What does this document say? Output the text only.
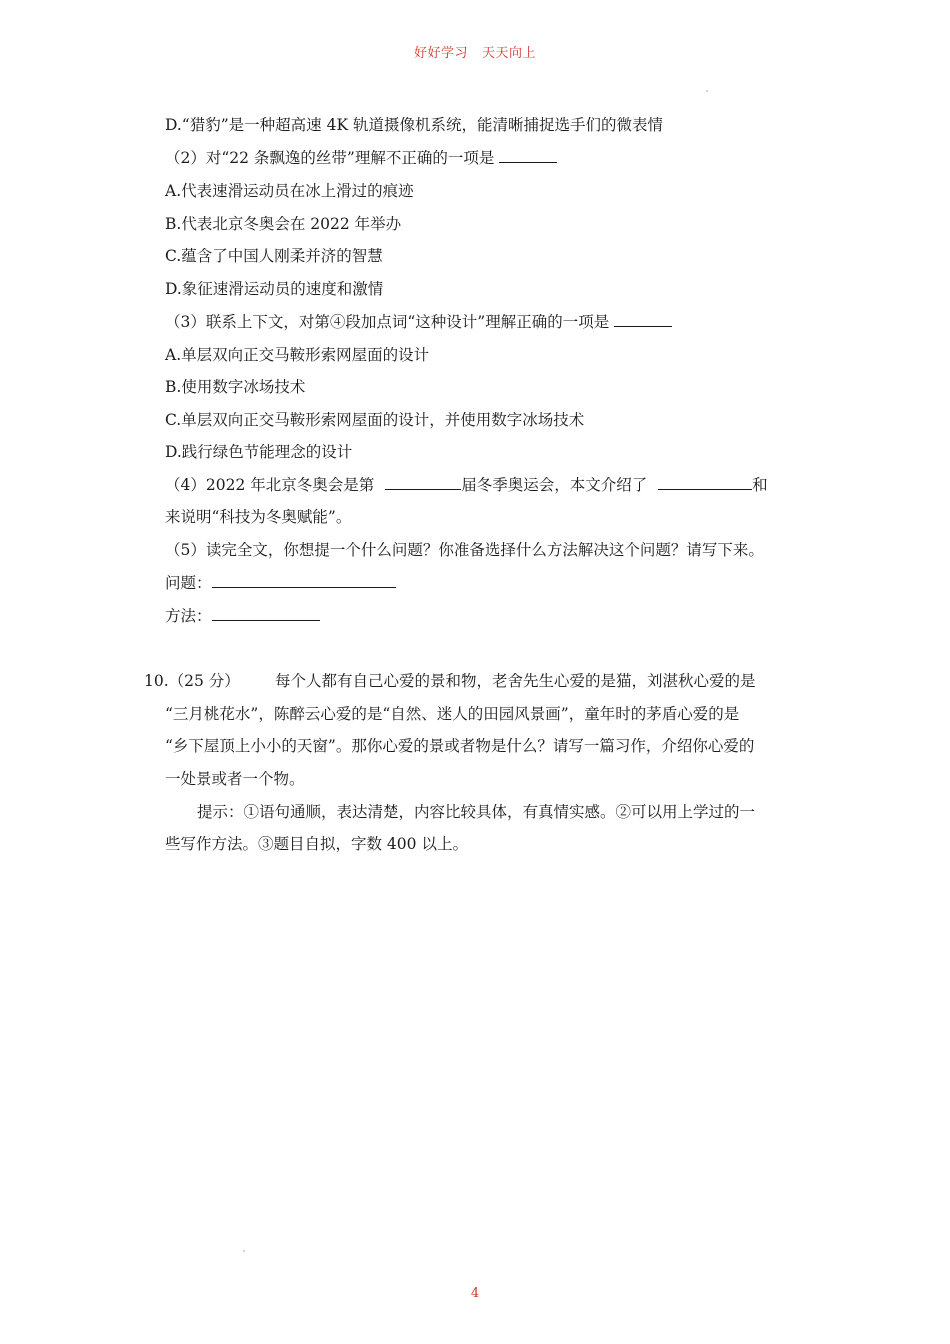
好好学习 天天向上
D.“猎豹”是一种超高速 4K 轨道摄像机系统，能清晰捕捉选手们的微表情
（2）对“22 条飘逸的丝带”理解不正确的一项是
A.代表速滑运动员在冰上滑过的痕迹
B.代表北京冬奥会在 2022 年举办
C.蕴含了中国人刚柔并济的智慧
D.象征速滑运动员的速度和激情
（3）联系上下文，对第④段加点词“这种设计”理解正确的一项是
A.单层双向正交马鞍形索网屋面的设计
B.使用数字冰场技术
C.单层双向正交马鞍形索网屋面的设计，并使用数字冰场技术
D.践行绿色节能理念的设计
（4）2022 年北京冬奥会是第	届冬季奥运会，本文介绍了	和
来说明“科技为冬奥赋能”。
（5）读完全文，你想提一个什么问题？你准备选择什么方法解决这个问题？请写下来。
问题：
方法：
10.（25 分） 每个人都有自己心爱的景和物，老舍先生心爱的是猫，刘湛秋心爱的是
“三月桃花水”，陈醉云心爱的是“自然、迷人的田园风景画”，童年时的茅盾心爱的是
“乡下屋顶上小小的天窗”。那你心爱的景或者物是什么？请写一篇习作，介绍你心爱的
一处景或者一个物。
提示：①语句通顺，表达清楚，内容比较具体，有真情实感。②可以用上学过的一
些写作方法。③题目自拟，字数 400 以上。
4
